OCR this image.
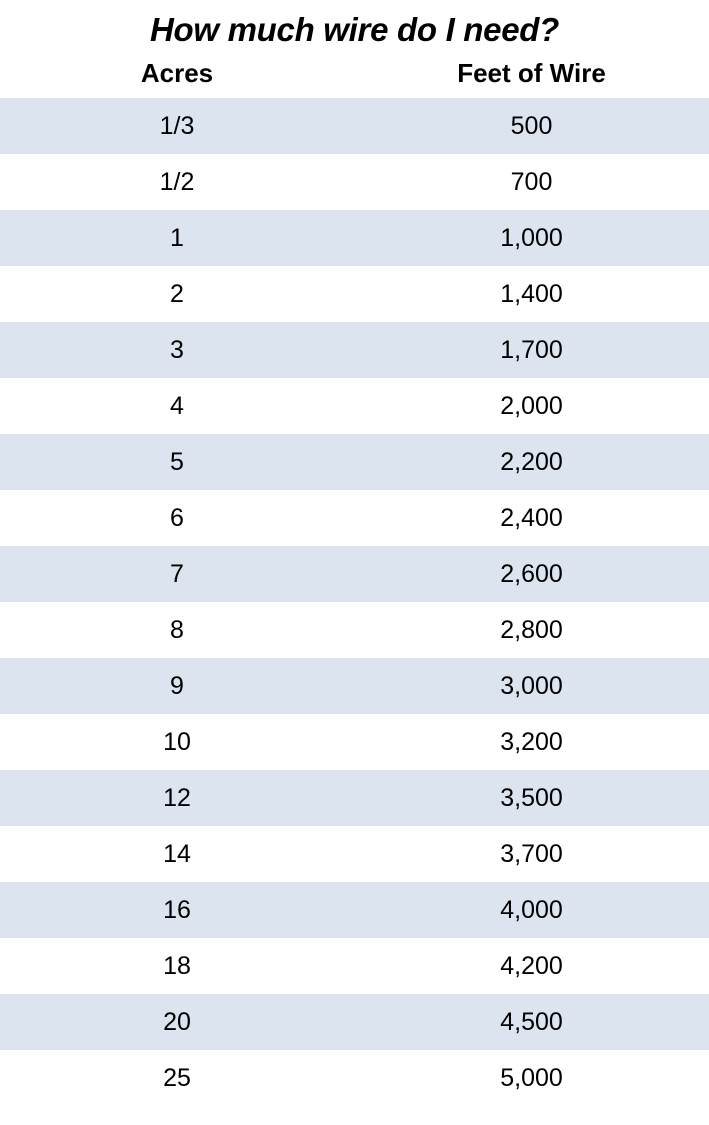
How much wire do I need?
Acres	Feet of Wire
1/3	500
1/2	700
1	1,000
2	1,400
3	1,700
4	2,000
5	2,200
6	2,400
7	2,600
8	2,800
9	3,000
10	3,200
12	3,500
14	3,700
16	4,000
18	4,200
20	4,500
25	5,000
